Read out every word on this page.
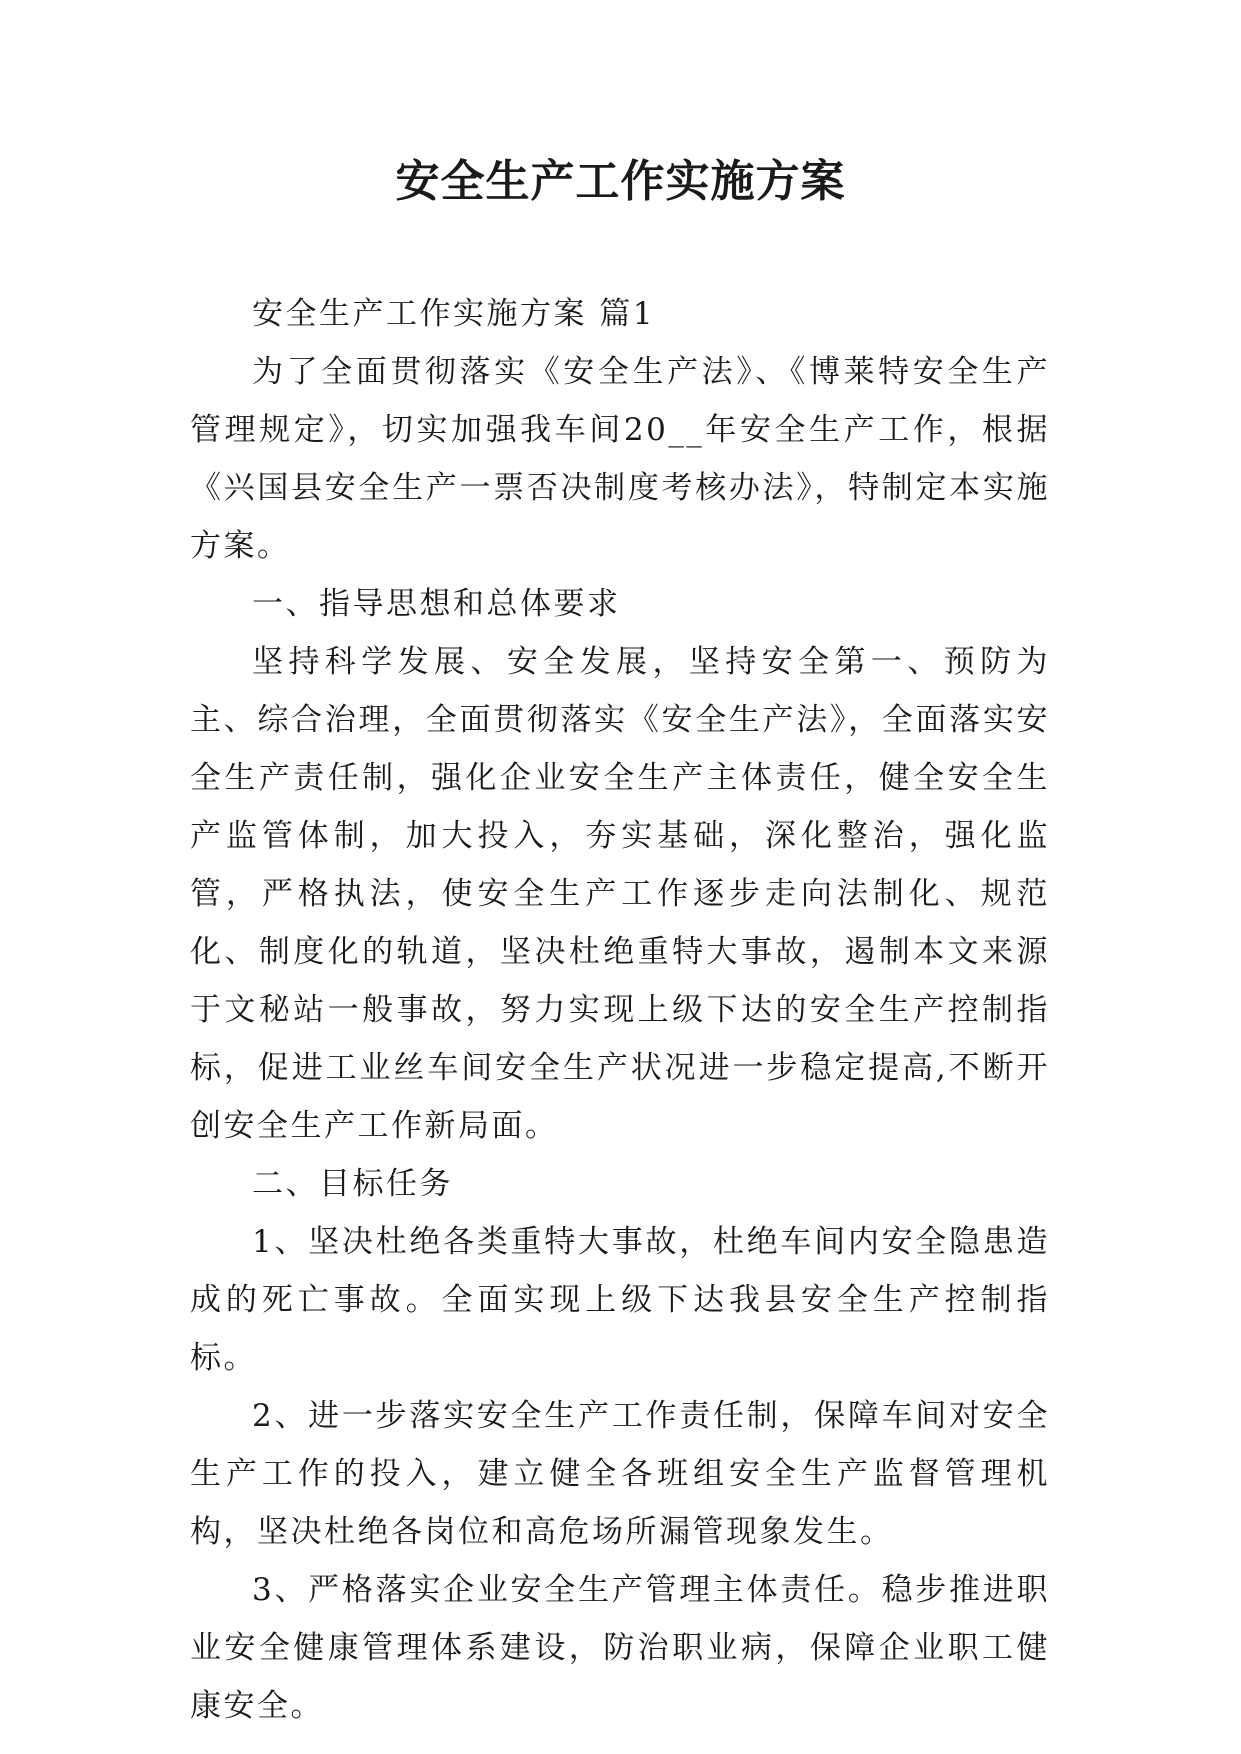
安全生产工作实施方案

安全生产工作实施方案 篇1

为了全面贯彻落实《安全生产法》、《博莱特安全生产管理规定》，切实加强我车间20__年安全生产工作，根据《兴国县安全生产一票否决制度考核办法》，特制定本实施方案。

一、指导思想和总体要求

坚持科学发展、安全发展，坚持安全第一、预防为主、综合治理，全面贯彻落实《安全生产法》，全面落实安全生产责任制，强化企业安全生产主体责任，健全安全生产监管体制，加大投入，夯实基础，深化整治，强化监管，严格执法，使安全生产工作逐步走向法制化、规范化、制度化的轨道，坚决杜绝重特大事故，遏制本文来源于文秘站一般事故，努力实现上级下达的安全生产控制指标，促进工业丝车间安全生产状况进一步稳定提高,不断开创安全生产工作新局面。

二、目标任务

1、坚决杜绝各类重特大事故，杜绝车间内安全隐患造成的死亡事故。全面实现上级下达我县安全生产控制指标。

2、进一步落实安全生产工作责任制，保障车间对安全生产工作的投入，建立健全各班组安全生产监督管理机构，坚决杜绝各岗位和高危场所漏管现象发生。

3、严格落实企业安全生产管理主体责任。稳步推进职业安全健康管理体系建设，防治职业病，保障企业职工健康安全。
